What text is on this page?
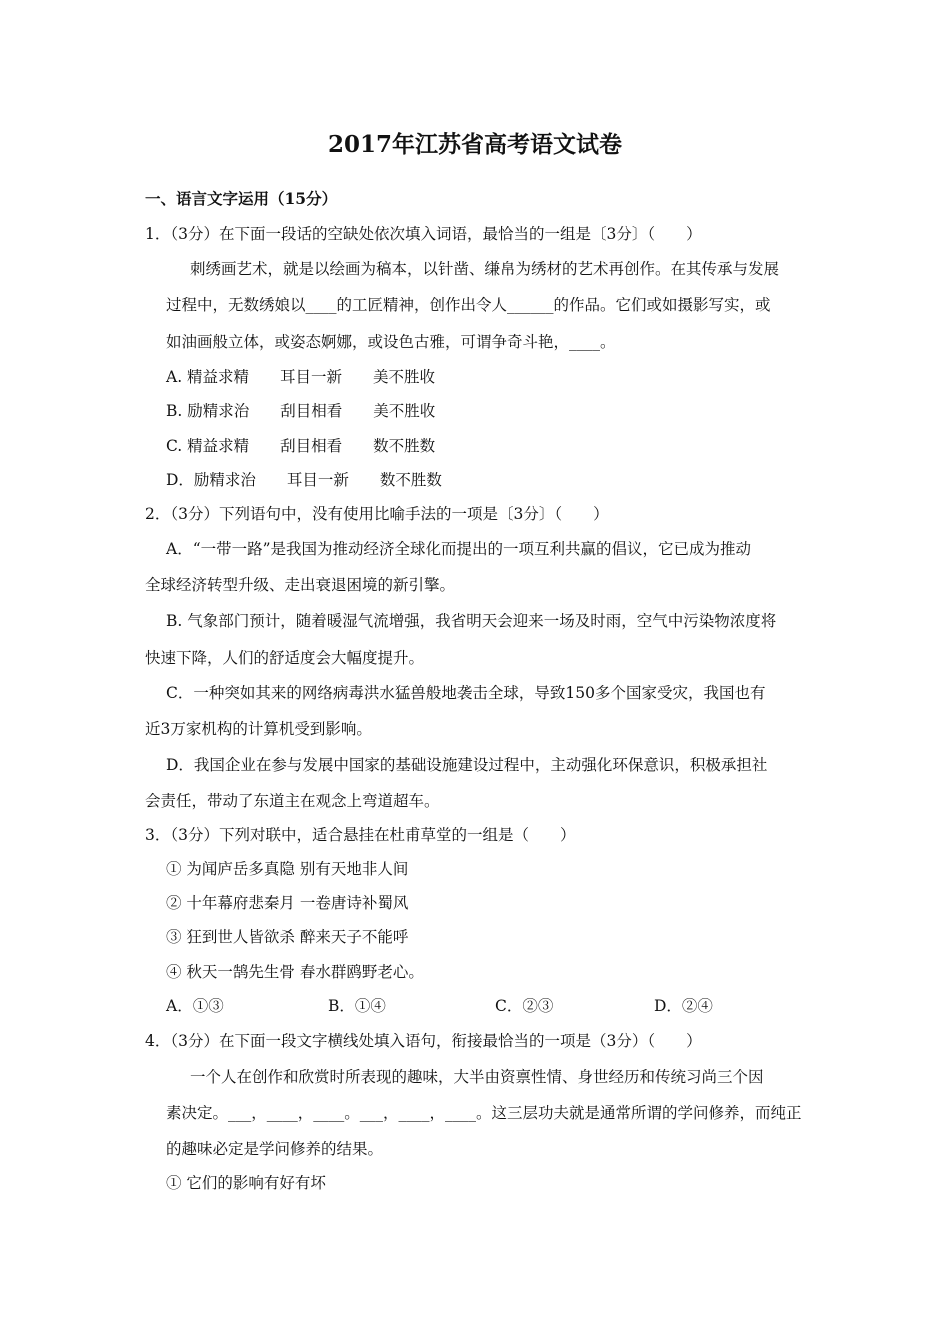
2017年江苏省高考语文试卷
一、语言文字运用（15分）
1．（3分）在下面一段话的空缺处依次填入词语，最恰当的一组是〔3分〕（　　）
刺绣画艺术，就是以绘画为稿本，以针凿、缣帛为绣材的艺术再创作。在其传承与发展
过程中，无数绣娘以____的工匠精神，创作出令人______的作品。它们或如摄影写实，或
如油画般立体，或姿态婀娜，或设色古雅，可谓争奇斗艳，____。
A. 精益求精　　耳目一新　　美不胜收
B. 励精求治　　刮目相看　　美不胜收
C. 精益求精　　刮目相看　　数不胜数
D．励精求治　　耳目一新　　数不胜数
2．（3分）下列语句中，没有使用比喻手法的一项是〔3分〕（　　）
A．“一带一路”是我国为推动经济全球化而提出的一项互利共赢的倡议，它已成为推动
全球经济转型升级、走出衰退困境的新引擎。
B. 气象部门预计，随着暖湿气流增强，我省明天会迎来一场及时雨，空气中污染物浓度将
快速下降，人们的舒适度会大幅度提升。
C．一种突如其来的网络病毒洪水猛兽般地袭击全球，导致150多个国家受灾，我国也有
近3万家机构的计算机受到影响。
D．我国企业在参与发展中国家的基础设施建设过程中，主动强化环保意识，积极承担社
会责任，带动了东道主在观念上弯道超车。
3．（3分）下列对联中，适合悬挂在杜甫草堂的一组是（　　）
① 为闻庐岳多真隐 别有天地非人间
② 十年幕府悲秦月 一卷唐诗补蜀风
③ 狂到世人皆欲杀 醉来天子不能呼
④ 秋天一鹄先生骨 春水群鸥野老心。
A．①③	B．①④	C．②③	D．②④
4．（3分）在下面一段文字横线处填入语句，衔接最恰当的一项是（3分）（　　）
一个人在创作和欣赏时所表现的趣味，大半由资禀性情、身世经历和传统习尚三个因
素决定。___，____，____。___，____，____。这三层功夫就是通常所谓的学问修养，而纯正
的趣味必定是学问修养的结果。
① 它们的影响有好有坏
